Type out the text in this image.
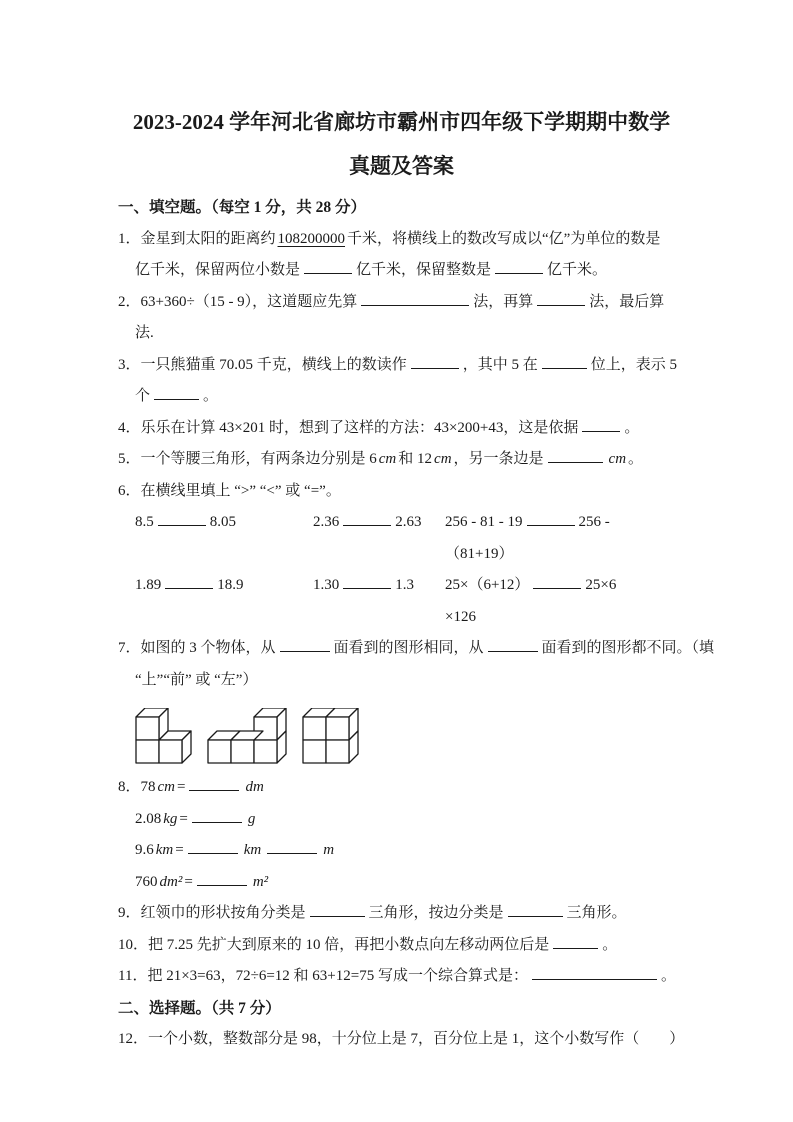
2023-2024 学年河北省廊坊市霸州市四年级下学期期中数学
真题及答案
一、填空题。（每空 1 分，共 28 分）
1．金星到太阳的距离约 108200000 千米，将横线上的数改写成以“亿”为单位的数是
亿千米，保留两位小数是	亿千米，保留整数是	亿千米。
2．63+360÷（15 - 9），这道题应先算	法，再算	法，最后算
法.
3．一只熊猫重 70.05 千克，横线上的数读作	，其中 5 在	位上，表示 5
个	。
4．乐乐在计算 43×201 时，想到了这样的方法：43×200+43，这是依据	。
5．一个等腰三角形，有两条边分别是 6 cm 和 12 cm ，另一条边是	cm 。
6．在横线里填上 “>” “<” 或 “=”。
8.5	8.05	2.36	2.63	256 - 81 - 19	256 -
（81+19）
1.89	18.9	1.30	1.3	25×（6+12）	25×6
×126
7．如图的 3 个物体，从	面看到的图形相同，从	面看到的图形都不同。（填
“上”“前” 或 “左”）
8．78 cm =	dm
2.08 kg =	g
9.6 km =	km	m
760 dm² =	m²
9．红领巾的形状按角分类是	三角形，按边分类是	三角形。
10．把 7.25 先扩大到原来的 10 倍，再把小数点向左移动两位后是	。
11．把 21×3=63，72÷6=12 和 63+12=75 写成一个综合算式是：	。
二、选择题。（共 7 分）
12．一个小数，整数部分是 98，十分位上是 7，百分位上是 1，这个小数写作（　　）
